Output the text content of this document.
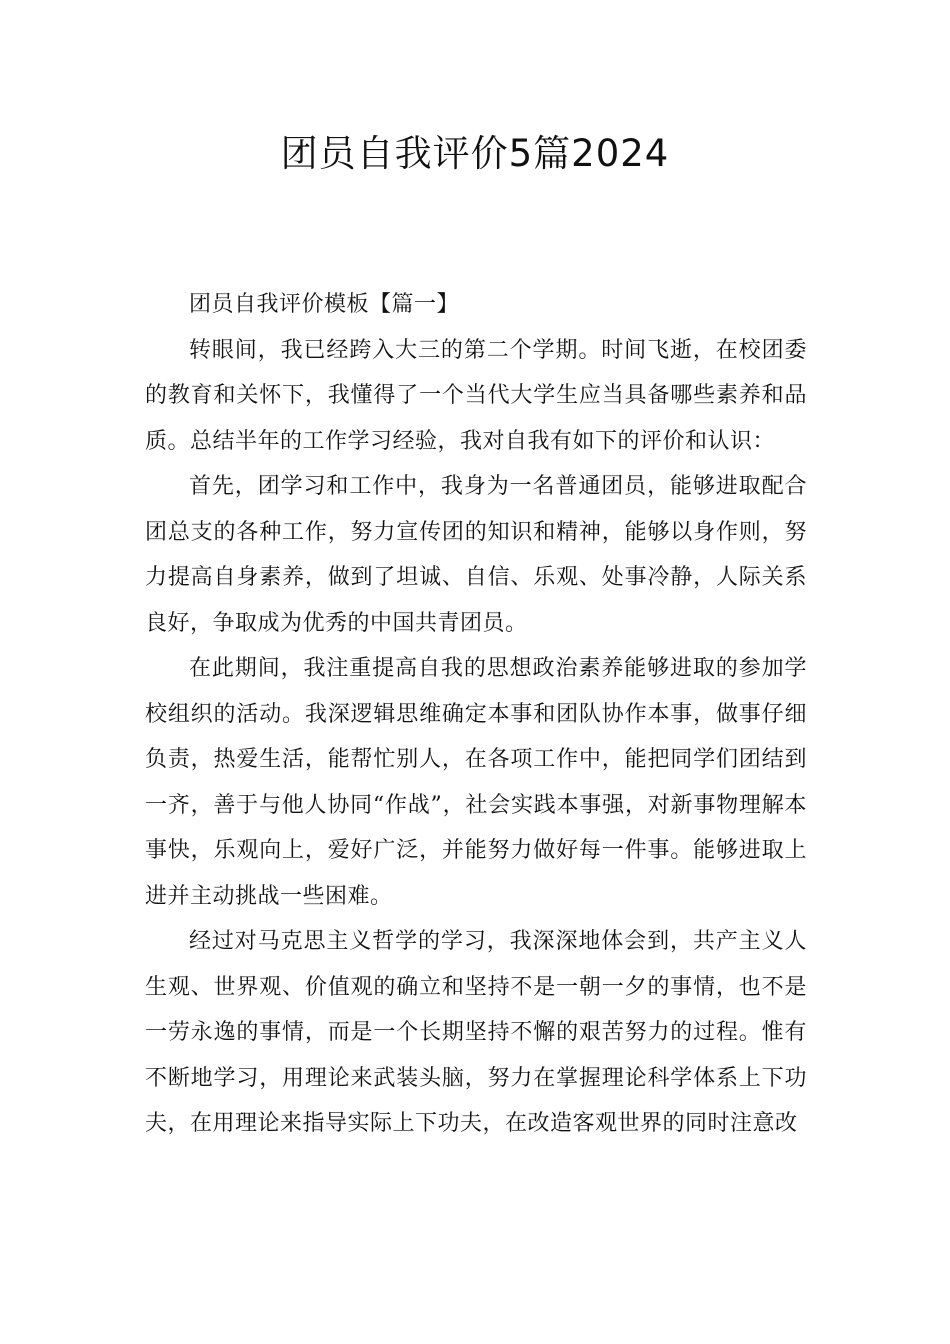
团员自我评价5篇2024

团员自我评价模板【篇一】

转眼间，我已经跨入大三的第二个学期。时间飞逝，在校团委的教育和关怀下，我懂得了一个当代大学生应当具备哪些素养和品质。总结半年的工作学习经验，我对自我有如下的评价和认识：

首先，团学习和工作中，我身为一名普通团员，能够进取配合团总支的各种工作，努力宣传团的知识和精神，能够以身作则，努力提高自身素养，做到了坦诚、自信、乐观、处事冷静，人际关系良好，争取成为优秀的中国共青团员。

在此期间，我注重提高自我的思想政治素养能够进取的参加学校组织的活动。我深逻辑思维确定本事和团队协作本事，做事仔细负责，热爱生活，能帮忙别人，在各项工作中，能把同学们团结到一齐，善于与他人协同“作战”，社会实践本事强，对新事物理解本事快，乐观向上，爱好广泛，并能努力做好每一件事。能够进取上进并主动挑战一些困难。

经过对马克思主义哲学的学习，我深深地体会到，共产主义人生观、世界观、价值观的确立和坚持不是一朝一夕的事情，也不是一劳永逸的事情，而是一个长期坚持不懈的艰苦努力的过程。惟有不断地学习，用理论来武装头脑，努力在掌握理论科学体系上下功夫，在用理论来指导实际上下功夫，在改造客观世界的同时注意改
